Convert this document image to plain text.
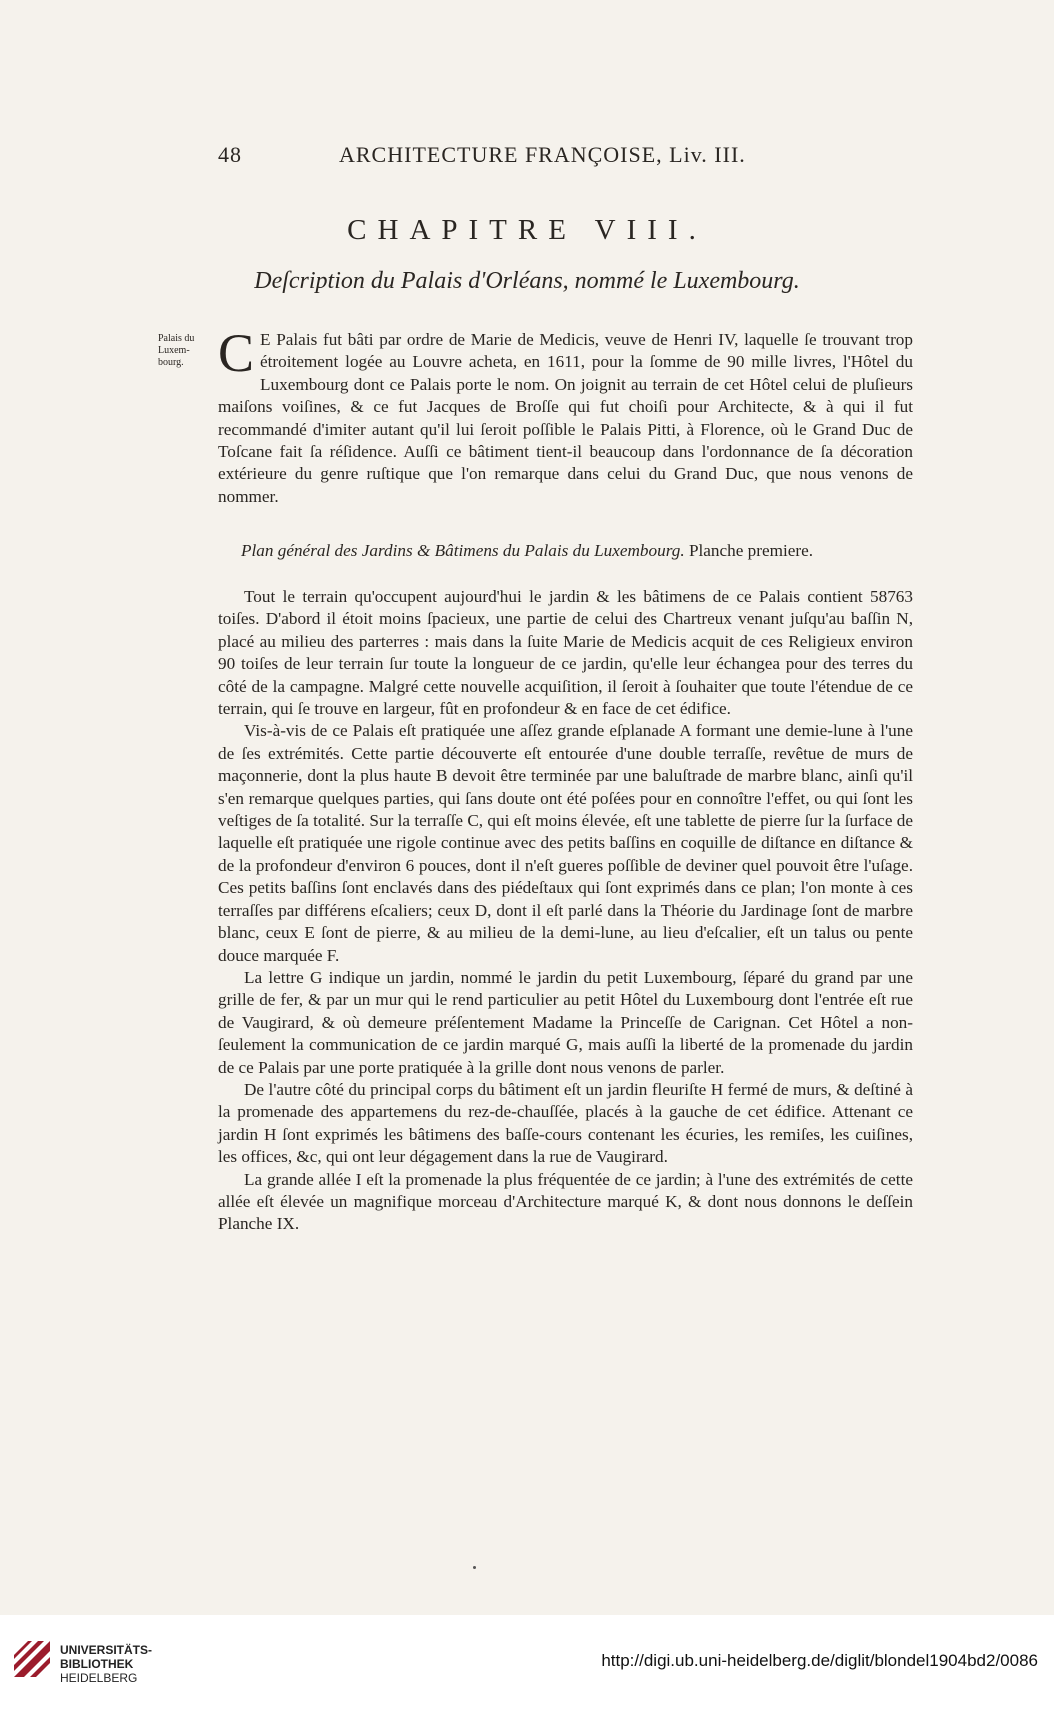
48	ARCHITECTURE FRANÇOISE, Liv. III.
CHAPITRE VIII.
Deſcription du Palais d'Orléans, nommé le Luxembourg.
Palais du Luxem-bourg. C E Palais fut bâti par ordre de Marie de Medicis, veuve de Henri IV, laquelle ſe trouvant trop étroitement logée au Louvre acheta, en 1611, pour la ſomme de 90 mille livres, l'Hôtel du Luxembourg dont ce Palais porte le nom. On joignit au terrain de cet Hôtel celui de pluſieurs maiſons voiſines, & ce fut Jacques de Broſſe qui fut choiſi pour Architecte, & à qui il fut recommandé d'imiter autant qu'il lui ſeroit poſſible le Palais Pitti, à Florence, où le Grand Duc de Toſcane fait ſa réſidence. Auſſi ce bâtiment tient-il beaucoup dans l'ordonnance de ſa décoration extérieure du genre ruſtique que l'on remarque dans celui du Grand Duc, que nous venons de nommer.

Plan général des Jardins & Bâtimens du Palais du Luxembourg. Planche premiere.

Tout le terrain qu'occupent aujourd'hui le jardin & les bâtimens de ce Palais contient 58763 toiſes. D'abord il étoit moins ſpacieux, une partie de celui des Chartreux venant juſqu'au baſſin N, placé au milieu des parterres : mais dans la ſuite Marie de Medicis acquit de ces Religieux environ 90 toiſes de leur terrain ſur toute la longueur de ce jardin, qu'elle leur échangea pour des terres du côté de la campagne. Malgré cette nouvelle acquiſition, il ſeroit à ſouhaiter que toute l'étendue de ce terrain, qui ſe trouve en largeur, fût en profondeur & en face de cet édifice.

Vis-à-vis de ce Palais eſt pratiquée une aſſez grande eſplanade A formant une demie-lune à l'une de ſes extrémités. Cette partie découverte eſt entourée d'une double terraſſe, revêtue de murs de maçonnerie, dont la plus haute B devoit être terminée par une baluſtrade de marbre blanc, ainſi qu'il s'en remarque quelques parties, qui ſans doute ont été poſées pour en connoître l'effet, ou qui ſont les veſtiges de ſa totalité. Sur la terraſſe C, qui eſt moins élevée, eſt une tablette de pierre ſur la ſurface de laquelle eſt pratiquée une rigole continue avec des petits baſſins en coquille de diſtance en diſtance & de la profondeur d'environ 6 pouces, dont il n'eſt gueres poſſible de deviner quel pouvoit être l'uſage. Ces petits baſſins ſont enclavés dans des piédeſtaux qui ſont exprimés dans ce plan; l'on monte à ces terraſſes par différens eſcaliers; ceux D, dont il eſt parlé dans la Théorie du Jardinage ſont de marbre blanc, ceux E ſont de pierre, & au milieu de la demi-lune, au lieu d'eſcalier, eſt un talus ou pente douce marquée F.

La lettre G indique un jardin, nommé le jardin du petit Luxembourg, ſéparé du grand par une grille de fer, & par un mur qui le rend particulier au petit Hôtel du Luxembourg dont l'entrée eſt rue de Vaugirard, & où demeure préſentement Madame la Princeſſe de Carignan. Cet Hôtel a non-ſeulement la communication de ce jardin marqué G, mais auſſi la liberté de la promenade du jardin de ce Palais par une porte pratiquée à la grille dont nous venons de parler.

De l'autre côté du principal corps du bâtiment eſt un jardin fleuriſte H fermé de murs, & deſtiné à la promenade des appartemens du rez-de-chauſſée, placés à la gauche de cet édifice. Attenant ce jardin H ſont exprimés les bâtimens des baſſe-cours contenant les écuries, les remiſes, les cuiſines, les offices, &c, qui ont leur dégagement dans la rue de Vaugirard.

La grande allée I eſt la promenade la plus fréquentée de ce jardin; à l'une des extrémités de cette allée eſt élevée un magnifique morceau d'Architecture marqué K, & dont nous donnons le deſſein Planche IX.

UNIVERSITÄTS-
BIBLIOTHEK
HEIDELBERG
http://digi.ub.uni-heidelberg.de/diglit/blondel1904bd2/0086
